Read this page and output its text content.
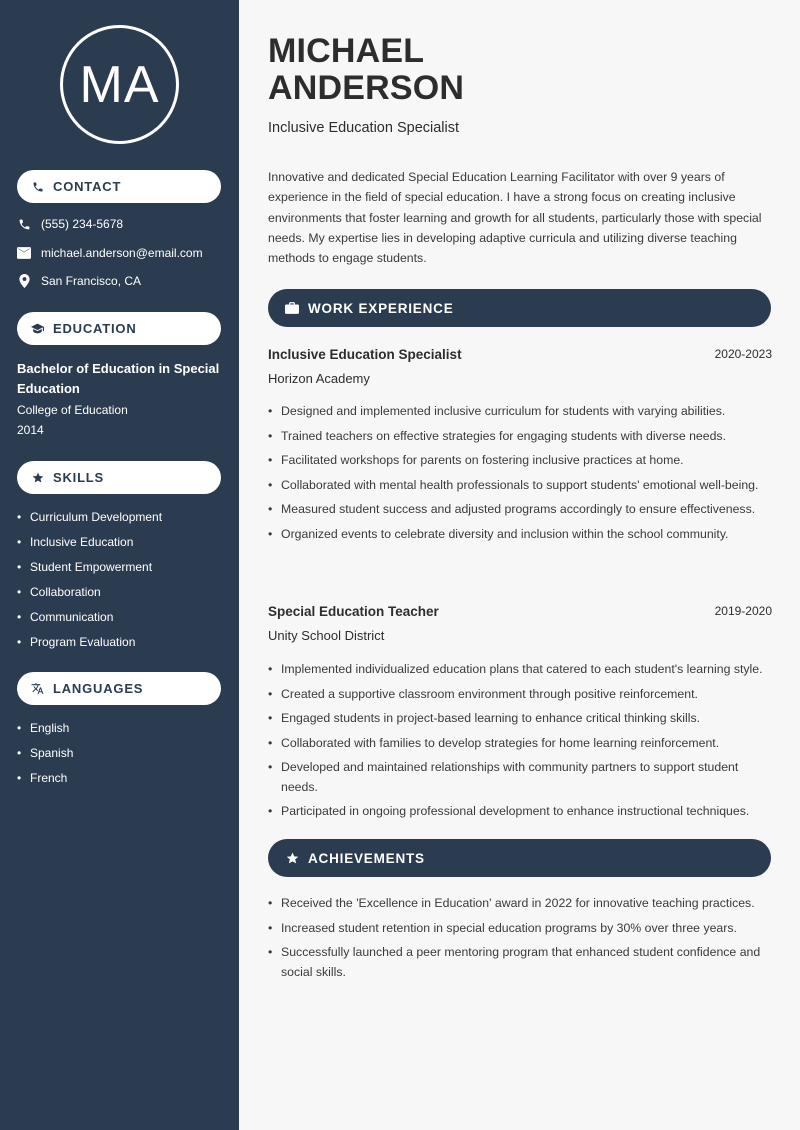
MA
CONTACT
(555) 234-5678
michael.anderson@email.com
San Francisco, CA
EDUCATION
Bachelor of Education in Special Education
College of Education
2014
SKILLS
• Curriculum Development
• Inclusive Education
• Student Empowerment
• Collaboration
• Communication
• Program Evaluation
LANGUAGES
• English
• Spanish
• French
MICHAEL
ANDERSON
Inclusive Education Specialist

Innovative and dedicated Special Education Learning Facilitator with over 9 years of experience in the field of special education. I have a strong focus on creating inclusive environments that foster learning and growth for all students, particularly those with special needs. My expertise lies in developing adaptive curricula and utilizing diverse teaching methods to engage students.

WORK EXPERIENCE
Inclusive Education Specialist	2020-2023
Horizon Academy
• Designed and implemented inclusive curriculum for students with varying abilities.
• Trained teachers on effective strategies for engaging students with diverse needs.
• Facilitated workshops for parents on fostering inclusive practices at home.
• Collaborated with mental health professionals to support students' emotional well-being.
• Measured student success and adjusted programs accordingly to ensure effectiveness.
• Organized events to celebrate diversity and inclusion within the school community.
Special Education Teacher	2019-2020
Unity School District
• Implemented individualized education plans that catered to each student's learning style.
• Created a supportive classroom environment through positive reinforcement.
• Engaged students in project-based learning to enhance critical thinking skills.
• Collaborated with families to develop strategies for home learning reinforcement.
• Developed and maintained relationships with community partners to support student needs.
• Participated in ongoing professional development to enhance instructional techniques.
ACHIEVEMENTS
• Received the 'Excellence in Education' award in 2022 for innovative teaching practices.
• Increased student retention in special education programs by 30% over three years.
• Successfully launched a peer mentoring program that enhanced student confidence and social skills.
